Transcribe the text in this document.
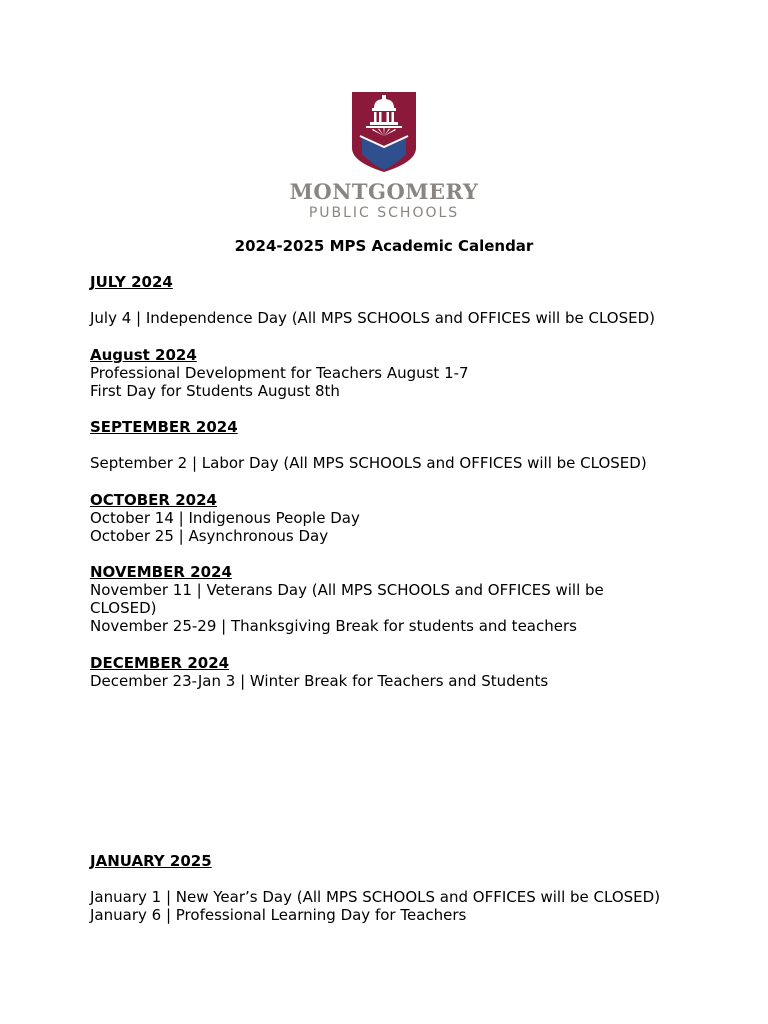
MONTGOMERY
PUBLIC SCHOOLS
2024-2025 MPS Academic Calendar
JULY 2024
July 4 | Independence Day (All MPS SCHOOLS and OFFICES will be CLOSED)
August 2024
Professional Development for Teachers August 1-7
First Day for Students August 8th
SEPTEMBER 2024
September 2 | Labor Day (All MPS SCHOOLS and OFFICES will be CLOSED)
OCTOBER 2024
October 14 | Indigenous People Day
October 25 | Asynchronous Day
NOVEMBER 2024
November 11 | Veterans Day (All MPS SCHOOLS and OFFICES will be
CLOSED)
November 25-29 | Thanksgiving Break for students and teachers
DECEMBER 2024
December 23-Jan 3 | Winter Break for Teachers and Students
JANUARY 2025
January 1 | New Year’s Day (All MPS SCHOOLS and OFFICES will be CLOSED)
January 6 | Professional Learning Day for Teachers
